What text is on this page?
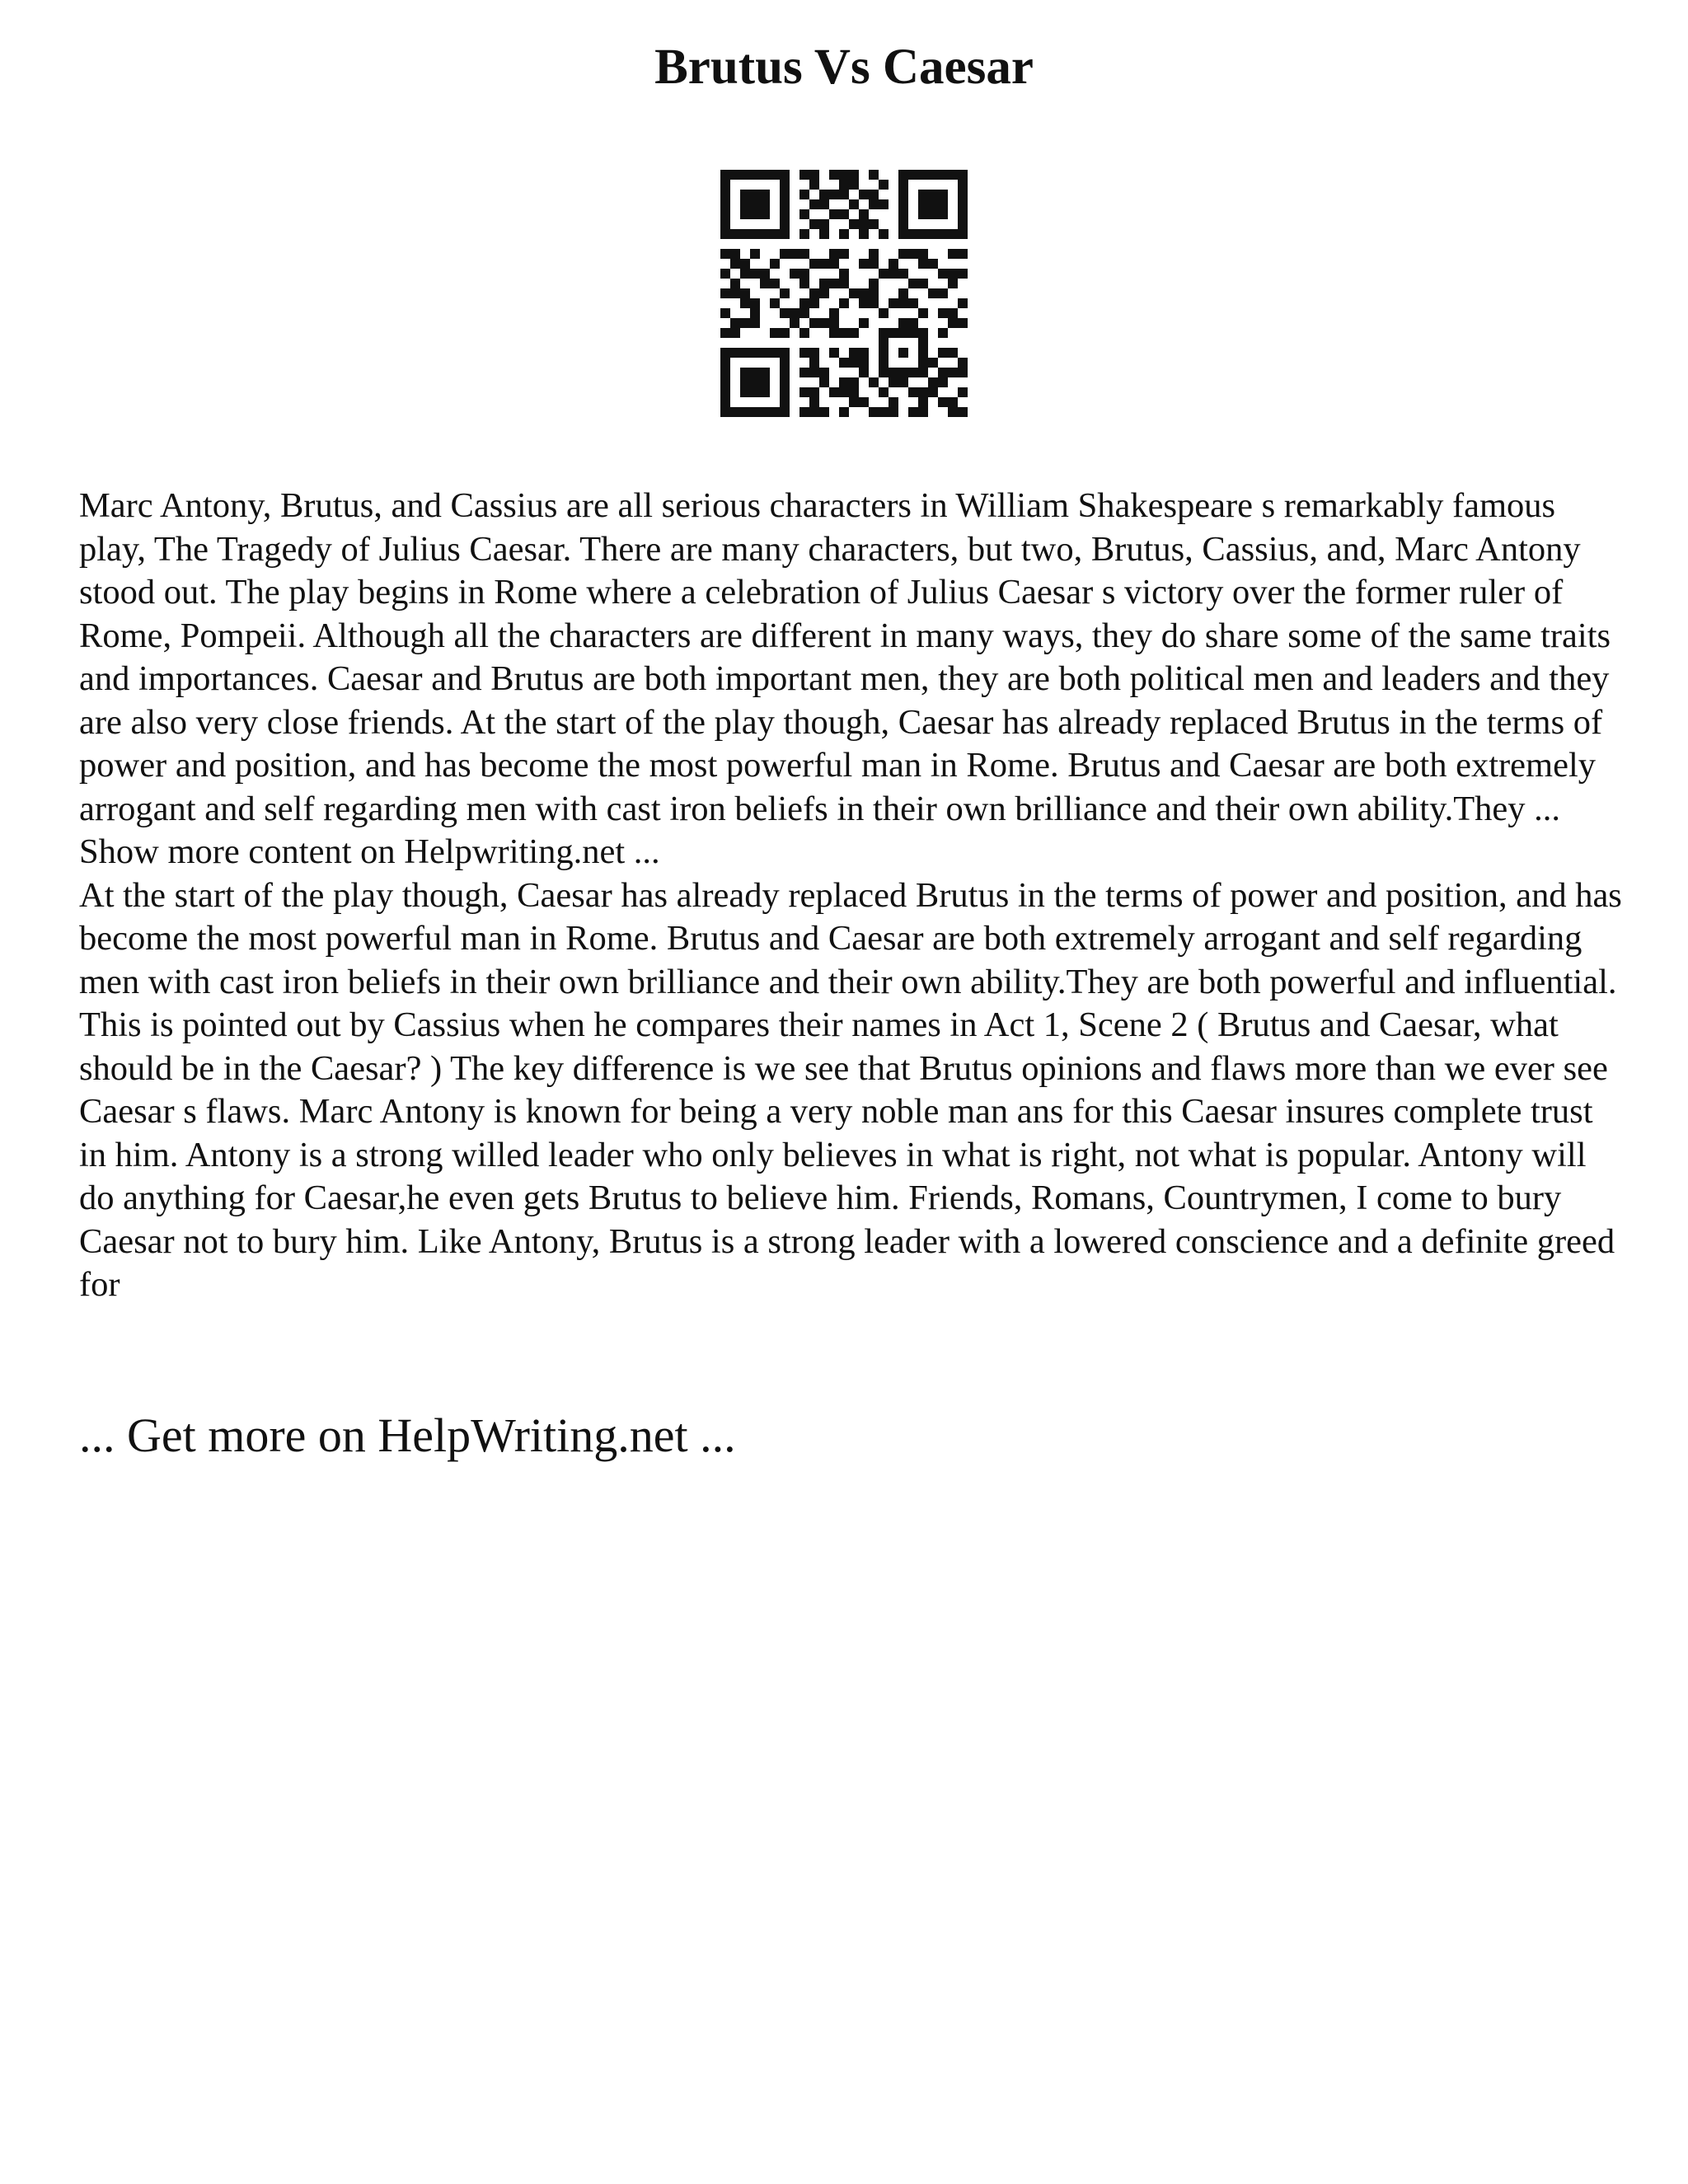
Brutus Vs Caesar

Marc Antony, Brutus, and Cassius are all serious characters in William Shakespeare s remarkably famous play, The Tragedy of Julius Caesar. There are many characters, but two, Brutus, Cassius, and, Marc Antony stood out. The play begins in Rome where a celebration of Julius Caesar s victory over the former ruler of Rome, Pompeii. Although all the characters are different in many ways, they do share some of the same traits and importances. Caesar and Brutus are both important men, they are both political men and leaders and they are also very close friends. At the start of the play though, Caesar has already replaced Brutus in the terms of power and position, and has become the most powerful man in Rome. Brutus and Caesar are both extremely arrogant and self regarding men with cast iron beliefs in their own brilliance and their own ability.They ... Show more content on Helpwriting.net ...

At the start of the play though, Caesar has already replaced Brutus in the terms of power and position, and has become the most powerful man in Rome. Brutus and Caesar are both extremely arrogant and self regarding men with cast iron beliefs in their own brilliance and their own ability.They are both powerful and influential. This is pointed out by Cassius when he compares their names in Act 1, Scene 2 ( Brutus and Caesar, what should be in the Caesar? ) The key difference is we see that Brutus opinions and flaws more than we ever see Caesar s flaws. Marc Antony is known for being a very noble man ans for this Caesar insures complete trust in him. Antony is a strong willed leader who only believes in what is right, not what is popular. Antony will do anything for Caesar,he even gets Brutus to believe him. Friends, Romans, Countrymen, I come to bury Caesar not to bury him. Like Antony, Brutus is a strong leader with a lowered conscience and a definite greed for

... Get more on HelpWriting.net ...
